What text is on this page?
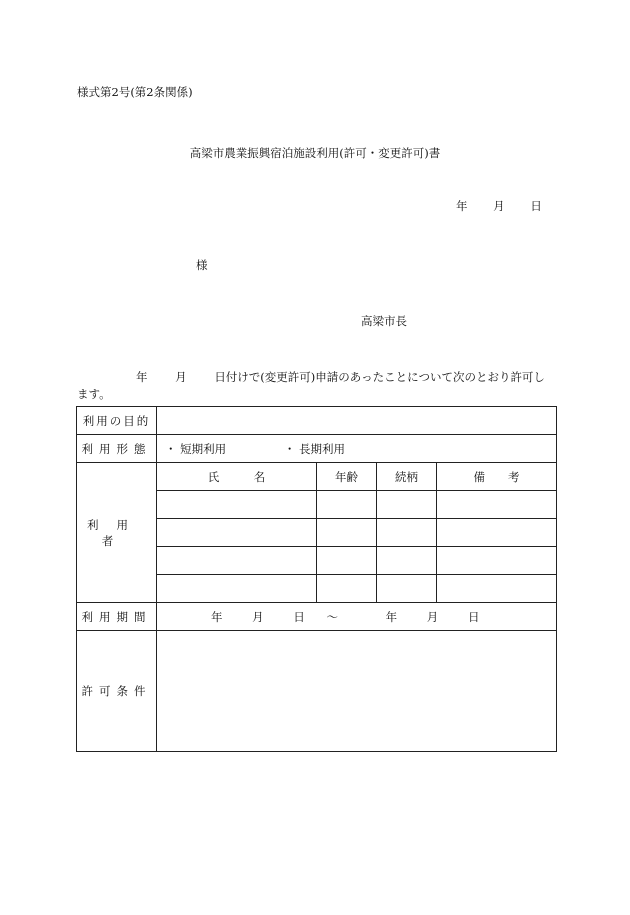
様式第2号(第2条関係)
高梁市農業振興宿泊施設利用(許可・変更許可)書
年 月 日
様
高梁市長
年 月 日付けで(変更許可)申請のあったことについて次のとおり許可し
ます。
利用の目的				
利用形態	・ 短期利用 ・ 長期利用			
利用者	氏　　　名	年齢	続柄	備　　考

利用期間	年 月 日 ～ 年 月 日			
許可条件				
